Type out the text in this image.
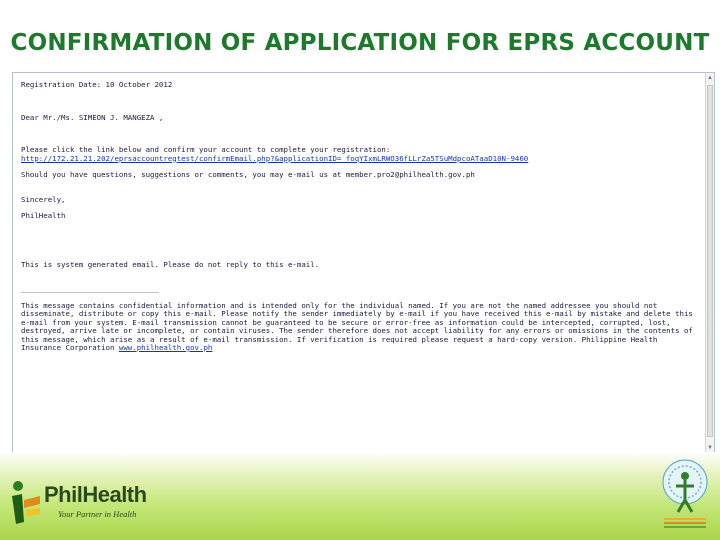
CONFIRMATION OF APPLICATION FOR EPRS ACCOUNT
Registration Date: 10 October 2012
Dear Mr./Ms. SIMEON J. MANGEZA ,
Please click the link below and confirm your account to complete your registration:
http://172.21.21.202/eprsaccountregtest/confirmEmail.php?&applicationID=_foqYIxmLRWO36fLLrZa5TSuMdpcoATaaD10N-9460
Should you have questions, suggestions or comments, you may e-mail us at member.pro2@philhealth.gov.ph
Sincerely,
PhilHealth
This is system generated email. Please do not reply to this e-mail.
_______________________________
This message contains confidential information and is intended only for the individual named. If you are not the named addressee you should not disseminate, distribute or copy this e-mail. Please notify the sender immediately by e-mail if you have received this e-mail by mistake and delete this e-mail from your system. E-mail transmission cannot be guaranteed to be secure or error-free as information could be intercepted, corrupted, lost, destroyed, arrive late or incomplete, or contain viruses. The sender therefore does not accept liability for any errors or omissions in the contents of this message, which arise as a result of e-mail transmission. If verification is required please request a hard-copy version. Philippine Health Insurance Corporation www.philhealth.gov.ph
▲
▼
PhilHealth
Your Partner in Health
